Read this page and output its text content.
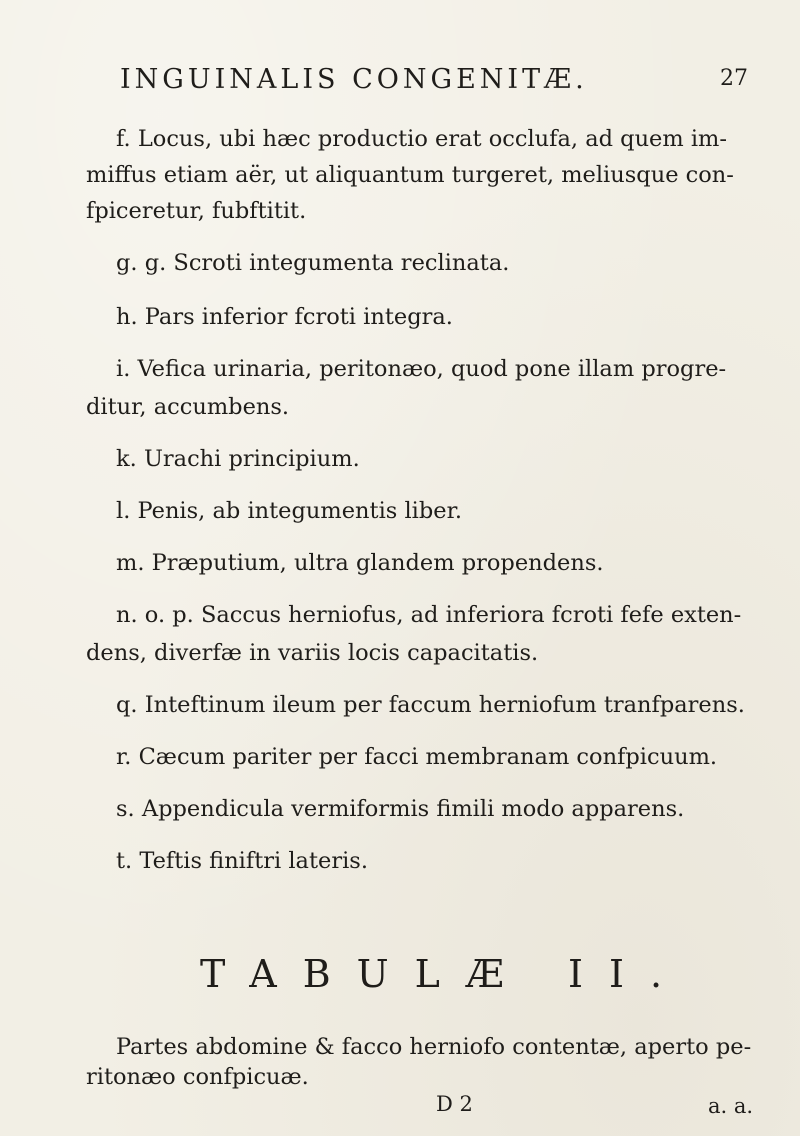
INGUINALIS CONGENITÆ.	27
f. Locus, ubi hæc productio erat occlufa, ad quem im-
miffus etiam aër, ut aliquantum turgeret, meliusque con-
fpiceretur, fubftitit.
g. g. Scroti integumenta reclinata.
h. Pars inferior fcroti integra.
i. Vefica urinaria, peritonæo, quod pone illam progre-
ditur, accumbens.
k. Urachi principium.
l. Penis, ab integumentis liber.
m. Præputium, ultra glandem propendens.
n. o. p. Saccus herniofus, ad inferiora fcroti fefe exten-
dens, diverfæ in variis locis capacitatis.
q. Inteftinum ileum per faccum herniofum tranfparens.
r. Cæcum pariter per facci membranam confpicuum.
s. Appendicula vermiformis fimili modo apparens.
t. Teftis finiftri lateris.
TABULÆ II.
Partes abdomine & facco herniofo contentæ, aperto pe-
ritonæo confpicuæ.
D 2	a. a.
